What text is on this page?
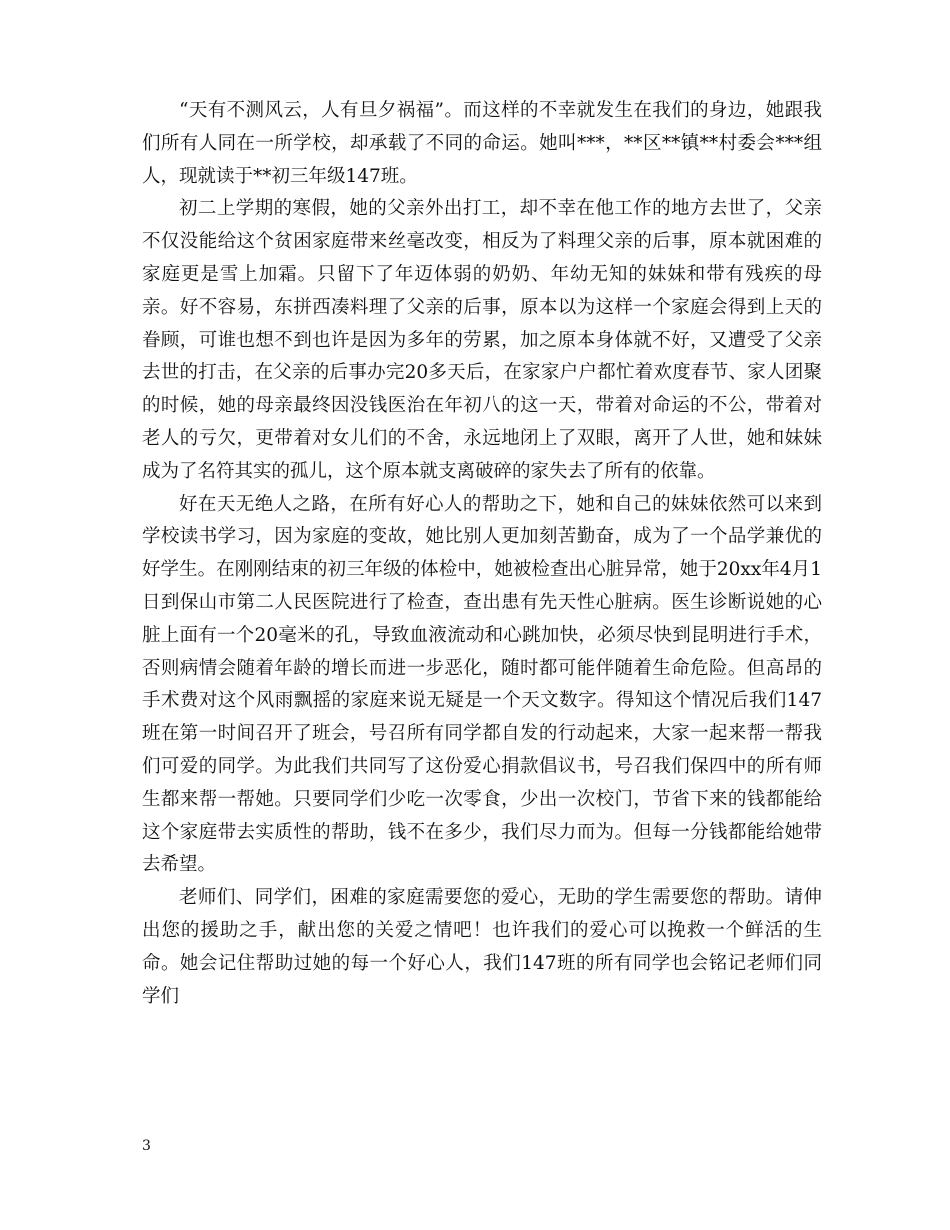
“天有不测风云，人有旦夕祸福”。而这样的不幸就发生在我们的身边，她跟我们所有人同在一所学校，却承载了不同的命运。她叫***，**区**镇**村委会***组人，现就读于**初三年级147班。

初二上学期的寒假，她的父亲外出打工，却不幸在他工作的地方去世了，父亲不仅没能给这个贫困家庭带来丝毫改变，相反为了料理父亲的后事，原本就困难的家庭更是雪上加霜。只留下了年迈体弱的奶奶、年幼无知的妹妹和带有残疾的母亲。好不容易，东拼西凑料理了父亲的后事，原本以为这样一个家庭会得到上天的眷顾，可谁也想不到也许是因为多年的劳累，加之原本身体就不好，又遭受了父亲去世的打击，在父亲的后事办完20多天后，在家家户户都忙着欢度春节、家人团聚的时候，她的母亲最终因没钱医治在年初八的这一天，带着对命运的不公，带着对老人的亏欠，更带着对女儿们的不舍，永远地闭上了双眼，离开了人世，她和妹妹成为了名符其实的孤儿，这个原本就支离破碎的家失去了所有的依靠。

好在天无绝人之路，在所有好心人的帮助之下，她和自己的妹妹依然可以来到学校读书学习，因为家庭的变故，她比别人更加刻苦勤奋，成为了一个品学兼优的好学生。在刚刚结束的初三年级的体检中，她被检查出心脏异常，她于20xx年4月1日到保山市第二人民医院进行了检查，查出患有先天性心脏病。医生诊断说她的心脏上面有一个20毫米的孔，导致血液流动和心跳加快，必须尽快到昆明进行手术，否则病情会随着年龄的增长而进一步恶化，随时都可能伴随着生命危险。但高昂的手术费对这个风雨飘摇的家庭来说无疑是一个天文数字。得知这个情况后我们147班在第一时间召开了班会，号召所有同学都自发的行动起来，大家一起来帮一帮我们可爱的同学。为此我们共同写了这份爱心捐款倡议书，号召我们保四中的所有师生都来帮一帮她。只要同学们少吃一次零食，少出一次校门，节省下来的钱都能给这个家庭带去实质性的帮助，钱不在多少，我们尽力而为。但每一分钱都能给她带去希望。

老师们、同学们，困难的家庭需要您的爱心，无助的学生需要您的帮助。请伸出您的援助之手，献出您的关爱之情吧！也许我们的爱心可以挽救一个鲜活的生命。她会记住帮助过她的每一个好心人，我们147班的所有同学也会铭记老师们同学们

3
